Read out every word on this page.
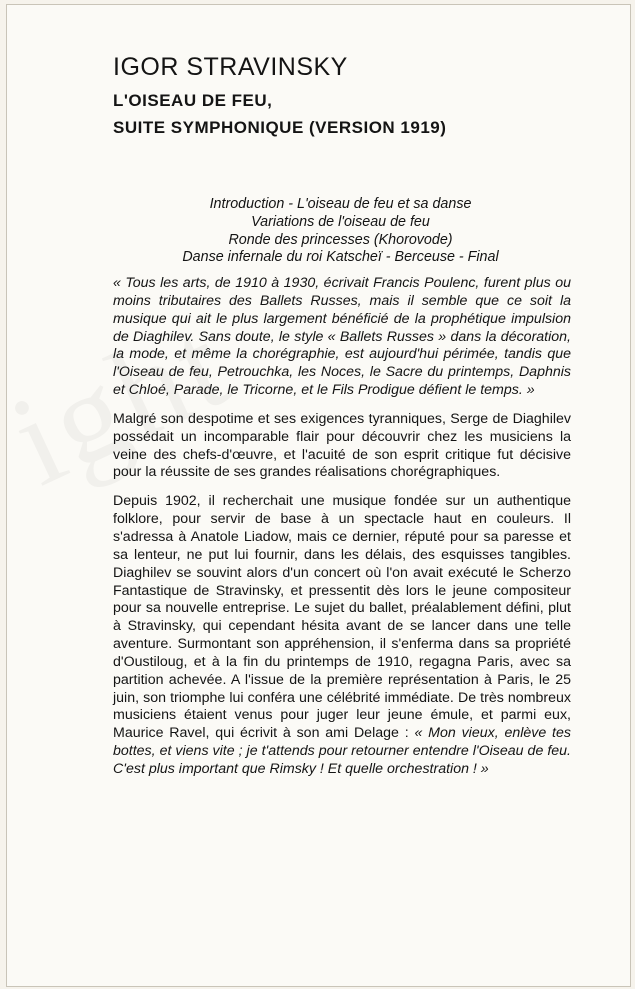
IGOR STRAVINSKY
L'OISEAU DE FEU,
SUITE SYMPHONIQUE (VERSION 1919)
Introduction - L'oiseau de feu et sa danse
Variations de l'oiseau de feu
Ronde des princesses (Khorovode)
Danse infernale du roi Katscheï - Berceuse - Final

« Tous les arts, de 1910 à 1930, écrivait Francis Poulenc, furent plus ou moins tributaires des Ballets Russes, mais il semble que ce soit la musique qui ait le plus largement bénéficié de la prophétique impulsion de Diaghilev. Sans doute, le style « Ballets Russes » dans la décoration, la mode, et même la chorégraphie, est aujourd'hui périmée, tandis que l'Oiseau de feu, Petrouchka, les Noces, le Sacre du printemps, Daphnis et Chloé, Parade, le Tricorne, et le Fils Prodigue défient le temps. »

Malgré son despotime et ses exigences tyranniques, Serge de Diaghilev possédait un incomparable flair pour découvrir chez les musiciens la veine des chefs-d'œuvre, et l'acuité de son esprit critique fut décisive pour la réussite de ses grandes réalisations chorégraphiques.

Depuis 1902, il recherchait une musique fondée sur un authentique folklore, pour servir de base à un spectacle haut en couleurs. Il s'adressa à Anatole Liadow, mais ce dernier, réputé pour sa paresse et sa lenteur, ne put lui fournir, dans les délais, des esquisses tangibles. Diaghilev se souvint alors d'un concert où l'on avait exécuté le Scherzo Fantastique de Stravinsky, et pressentit dès lors le jeune compositeur pour sa nouvelle entreprise. Le sujet du ballet, préalablement défini, plut à Stravinsky, qui cependant hésita avant de se lancer dans une telle aventure. Surmontant son appréhension, il s'enferma dans sa propriété d'Oustiloug, et à la fin du printemps de 1910, regagna Paris, avec sa partition achevée. A l'issue de la première représentation à Paris, le 25 juin, son triomphe lui conféra une célébrité immédiate. De très nombreux musiciens étaient venus pour juger leur jeune émule, et parmi eux, Maurice Ravel, qui écrivit à son ami Delage : « Mon vieux, enlève tes bottes, et viens vite ; je t'attends pour retourner entendre l'Oiseau de feu. C'est plus important que Rimsky ! Et quelle orchestration ! »
